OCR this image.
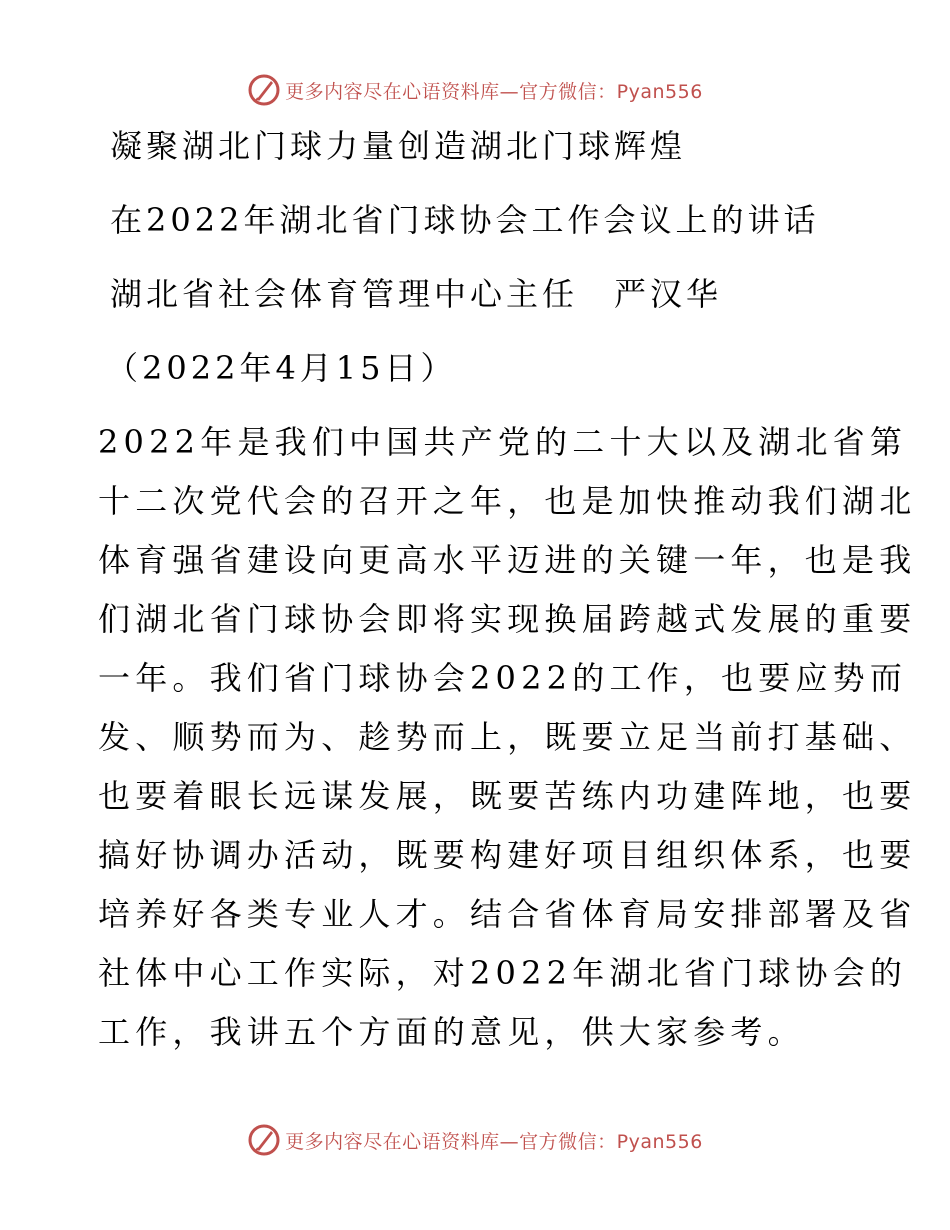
更多内容尽在心语资料库—官方微信：Pyan556
凝聚湖北门球力量创造湖北门球辉煌
在2022年湖北省门球协会工作会议上的讲话
湖北省社会体育管理中心主任　严汉华
（2022年4月15日）
2022年是我们中国共产党的二十大以及湖北省第
十二次党代会的召开之年，也是加快推动我们湖北
体育强省建设向更高水平迈进的关键一年，也是我
们湖北省门球协会即将实现换届跨越式发展的重要
一年。我们省门球协会2022的工作，也要应势而
发、顺势而为、趁势而上，既要立足当前打基础、
也要着眼长远谋发展，既要苦练内功建阵地，也要
搞好协调办活动，既要构建好项目组织体系，也要
培养好各类专业人才。结合省体育局安排部署及省
社体中心工作实际，对2022年湖北省门球协会的
工作，我讲五个方面的意见，供大家参考。
更多内容尽在心语资料库—官方微信：Pyan556
